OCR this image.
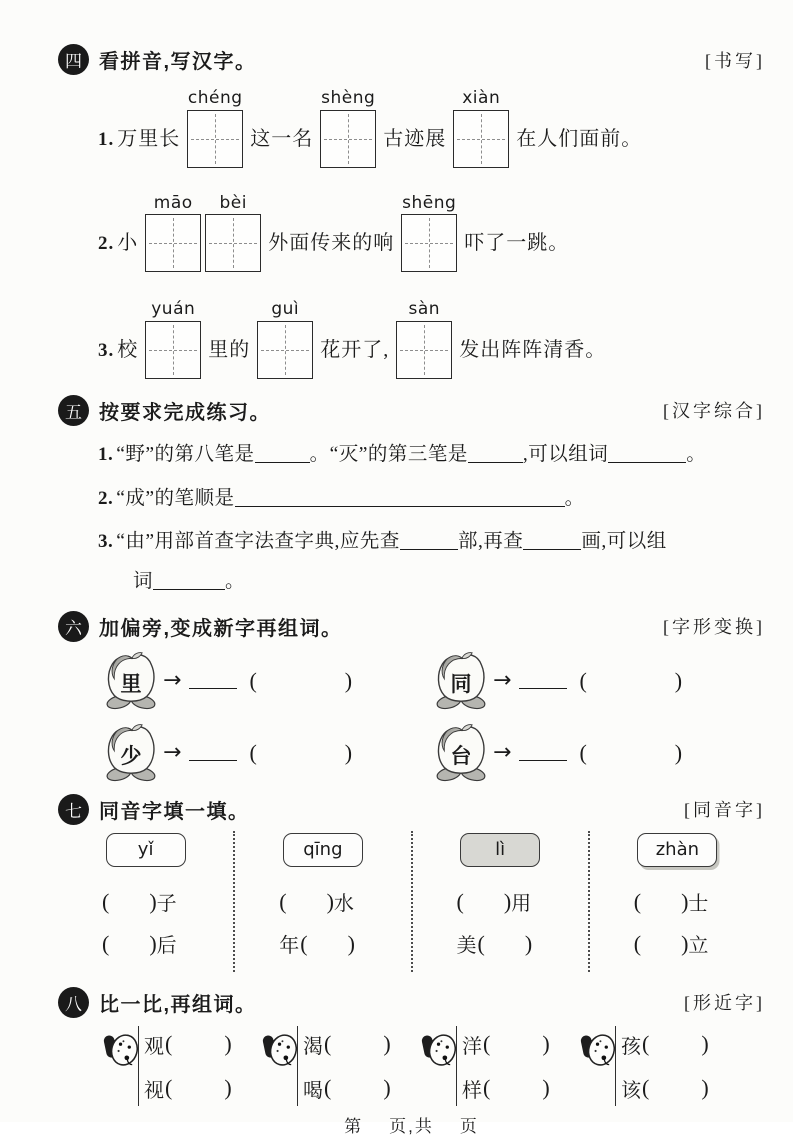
四 看拼音,写汉字。	[书写]
1. 万里长
chéng
这一名
shèng
古迹展
xiàn
在人们面前。
2. 小
māo bèi
外面传来的响
shēng
吓了一跳。
3. 校
yuán
里的
guì
花开了,
sàn
发出阵阵清香。
五 按要求完成练习。	[汉字综合]
1. “野”的第八笔是	。“灭”的第三笔是	,可以组词	。
2. “成”的笔顺是	。
3. “由”用部首查字法查字典,应先查	部,再查	画,可以组
词	。
六 加偏旁,变成新字再组词。	[字形变换]
里 →	(	)	同 →	(	)
少 →	(	)	台 →	(	)
七 同音字填一填。	[同音字]
yǐ
( ) 子
( ) 后
qīng
( ) 水
年 ( )
lì
( ) 用
美 ( )
zhàn
( ) 士
( ) 立
八 比一比,再组词。	[形近字]
观 ( )
视 ( )
渴 ( )
喝 ( )
洋 ( )
样 ( )
孩 ( )
该 ( )
第 页,共 页
